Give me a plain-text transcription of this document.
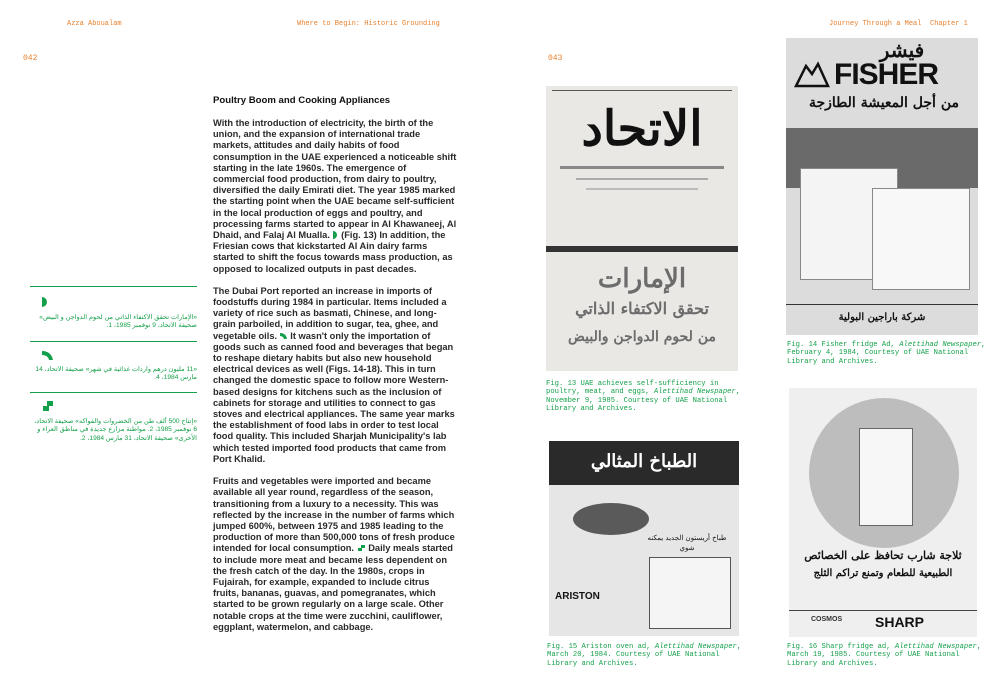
Azza Aboualam	Where to Begin: Historic Grounding	Journey Through a Meal Chapter 1
042	043
Poultry Boom and Cooking Appliances

With the introduction of electricity, the birth of the union, and the expansion of international trade markets, attitudes and daily habits of food consumption in the UAE experienced a noticeable shift starting in the late 1960s. The emergence of commercial food production, from dairy to poultry, diversified the daily Emirati diet. The year 1985 marked the starting point when the UAE became self-sufficient in the local production of eggs and poultry, and processing farms started to appear in Al Khawaneej, Al Dhaid, and Falaj Al Mualla. (Fig. 13) In addition, the Friesian cows that kickstarted Al Ain dairy farms started to shift the focus towards mass production, as opposed to localized outputs in past decades.

The Dubai Port reported an increase in imports of foodstuffs during 1984 in particular. Items included a variety of rice such as basmati, Chinese, and long-grain parboiled, in addition to sugar, tea, ghee, and vegetable oils. It wasn't only the importation of goods such as canned food and beverages that began to reshape dietary habits but also new household electrical devices as well (Figs. 14-18). This in turn changed the domestic space to follow more Western-based designs for kitchens such as the inclusion of cabinets for storage and utilities to connect to gas stoves and electrical appliances. The same year marks the establishment of food labs in order to test local food quality. This included Sharjah Municipality's lab which tested imported food products that came from Port Khalid.

Fruits and vegetables were imported and became available all year round, regardless of the season, transitioning from a luxury to a necessity. This was reflected by the increase in the number of farms which jumped 600%, between 1975 and 1985 leading to the production of more than 500,000 tons of fresh produce intended for local consumption. Daily meals started to include more meat and became less dependent on the fresh catch of the day. In the 1980s, crops in Fujairah, for example, expanded to include citrus fruits, bananas, guavas, and pomegranates, which started to be grown regularly on a large scale. Other notable crops at the time were zucchini, cauliflower, eggplant, watermelon, and cabbage.

«الإمارات تحقق الاكتفاء الذاتي من لحوم الدواجن و البيض» صحيفة الاتحاد، 9 نوفمبر 1985، 1.
«11 مليون درهم واردات غذائية في شهر» صحيفة الاتحاد، 14 مارس 1984، 4.
«إنتاج 500 ألف طن من الخضروات والفواكه» صحيفة الاتحاد، 6 نوفمبر 1985، 2. مواطنة مزارع جديدة في مناطق العراء و الأخرى» صحيفة الاتحاد، 31 مارس 1984، 2.
الاتحاد
الإمارات
تحقق الاكتفاء الذاتي
من لحوم الدواجن والبيض
Fig. 13 UAE achieves self-sufficiency in poultry, meat, and eggs, Alettihad Newspaper, November 9, 1985. Courtesy of UAE National Library and Archives.
فيشر
FISHER
من أجل المعيشة الطازجة
شركة باراجين البولية
Fig. 14 Fisher fridge Ad, Alettihad Newspaper, February 4, 1984, Courtesy of UAE National Library and Archives.
الطباخ المثالي
طباخ أريستون الجديد يمكنه شوي
ARISTON
Fig. 15 Ariston oven ad, Alettihad Newspaper, March 20, 1984. Courtesy of UAE National Library and Archives.
ثلاجة شارب تحافظ على الخصائص
الطبيعية للطعام وتمنع تراكم الثلج
COSMOS SHARP
Fig. 16 Sharp fridge ad, Alettihad Newspaper, March 19, 1985. Courtesy of UAE National Library and Archives.
